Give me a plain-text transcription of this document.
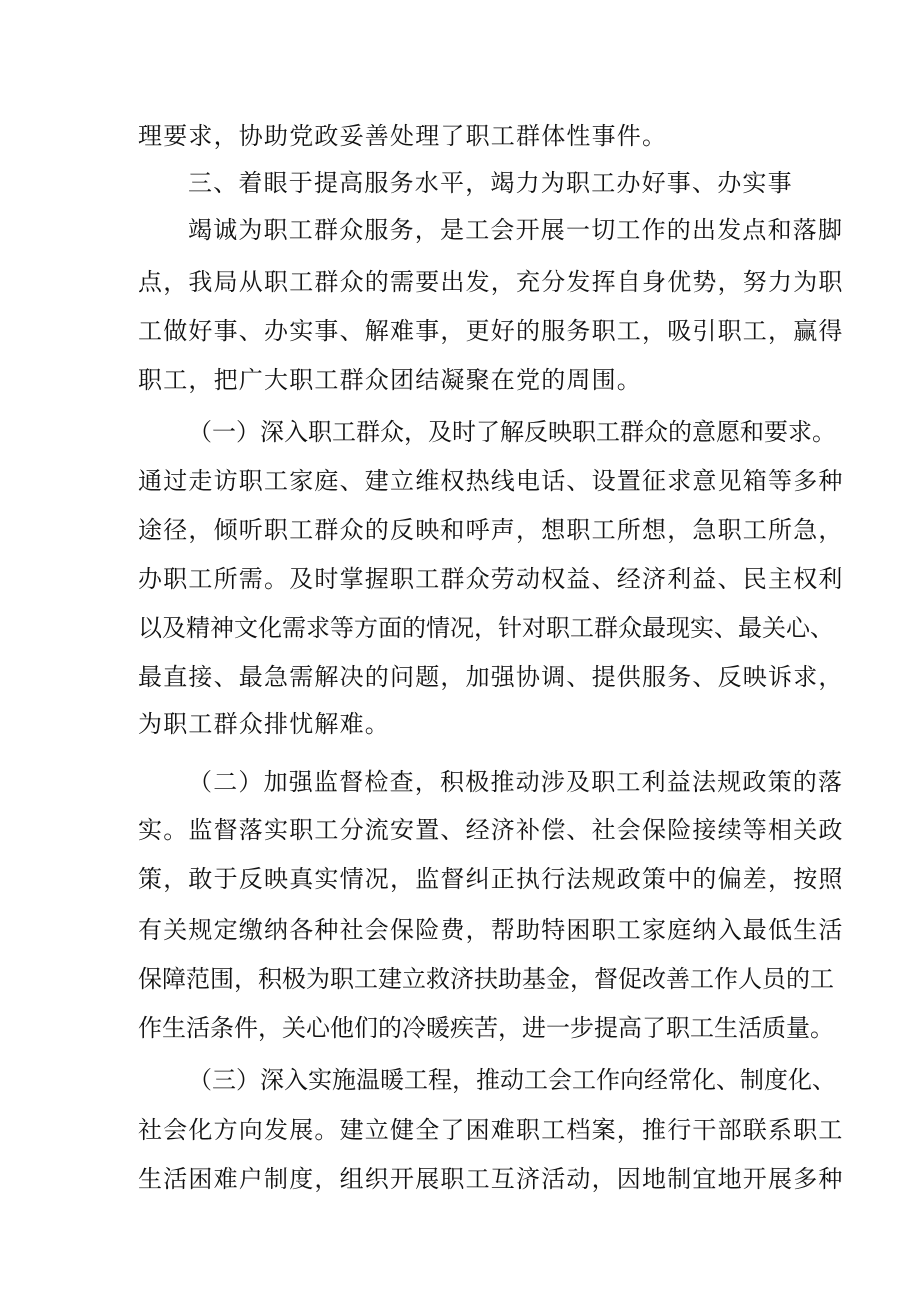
理要求，协助党政妥善处理了职工群体性事件。
三、着眼于提高服务水平，竭力为职工办好事、办实事
竭诚为职工群众服务，是工会开展一切工作的出发点和落脚
点，我局从职工群众的需要出发，充分发挥自身优势，努力为职
工做好事、办实事、解难事，更好的服务职工，吸引职工，赢得
职工，把广大职工群众团结凝聚在党的周围。
（一）深入职工群众，及时了解反映职工群众的意愿和要求。
通过走访职工家庭、建立维权热线电话、设置征求意见箱等多种
途径，倾听职工群众的反映和呼声，想职工所想，急职工所急，
办职工所需。及时掌握职工群众劳动权益、经济利益、民主权利
以及精神文化需求等方面的情况，针对职工群众最现实、最关心、
最直接、最急需解决的问题，加强协调、提供服务、反映诉求，
为职工群众排忧解难。
（二）加强监督检查，积极推动涉及职工利益法规政策的落
实。监督落实职工分流安置、经济补偿、社会保险接续等相关政
策，敢于反映真实情况，监督纠正执行法规政策中的偏差，按照
有关规定缴纳各种社会保险费，帮助特困职工家庭纳入最低生活
保障范围，积极为职工建立救济扶助基金，督促改善工作人员的工
作生活条件，关心他们的冷暖疾苦，进一步提高了职工生活质量。
（三）深入实施温暖工程，推动工会工作向经常化、制度化、
社会化方向发展。建立健全了困难职工档案，推行干部联系职工
生活困难户制度，组织开展职工互济活动，因地制宜地开展多种
